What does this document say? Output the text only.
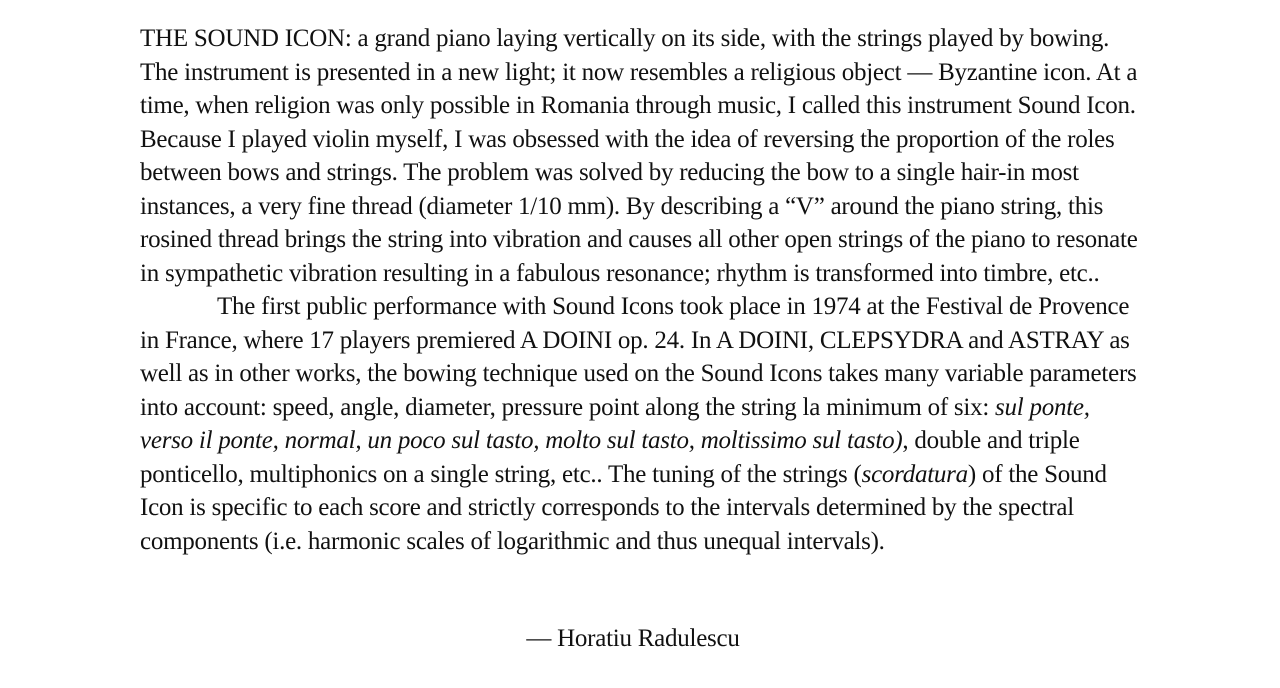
THE SOUND ICON: a grand piano laying vertically on its side, with the strings played by bowing. The instrument is presented in a new light; it now resembles a religious object — Byzantine icon. At a time, when religion was only possible in Romania through music, I called this instrument Sound Icon. Because I played violin myself, I was obsessed with the idea of reversing the proportion of the roles between bows and strings. The problem was solved by reducing the bow to a single hair-in most instances, a very fine thread (diameter 1/10 mm). By describing a “V” around the piano string, this rosined thread brings the string into vibration and causes all other open strings of the piano to resonate in sympathetic vibration resulting in a fabulous resonance; rhythm is transformed into timbre, etc..

The first public performance with Sound Icons took place in 1974 at the Festival de Provence in France, where 17 players premiered A DOINI op. 24. In A DOINI, CLEPSYDRA and ASTRAY as well as in other works, the bowing technique used on the Sound Icons takes many variable parameters into account: speed, angle, diameter, pressure point along the string la minimum of six: sul ponte, verso il ponte, normal, un poco sul tasto, molto sul tasto, moltissimo sul tasto), double and triple ponticello, multiphonics on a single string, etc.. The tuning of the strings (scordatura) of the Sound Icon is specific to each score and strictly corresponds to the intervals determined by the spectral components (i.e. harmonic scales of logarithmic and thus unequal intervals).

— Horatiu Radulescu
